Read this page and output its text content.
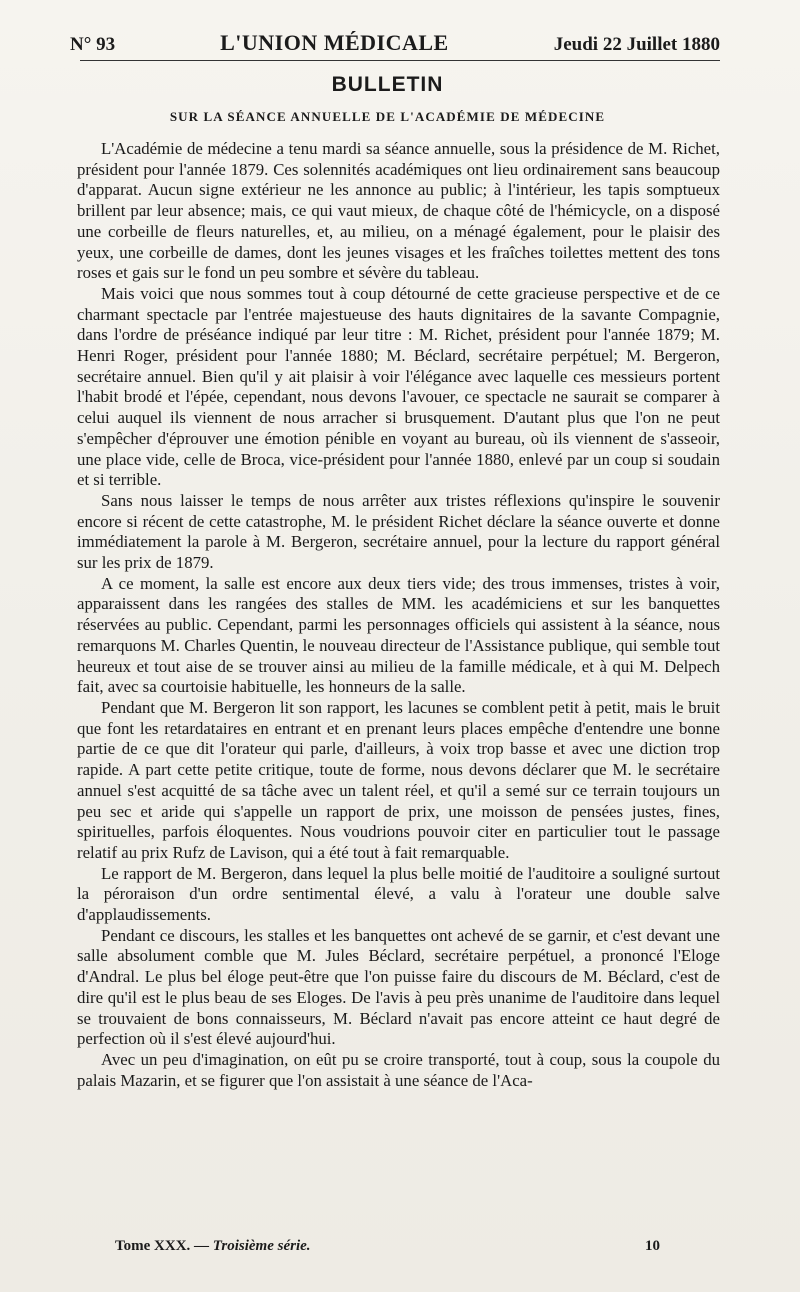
N° 93	L'UNION MÉDICALE	Jeudi 22 Juillet 1880
BULLETIN
SUR LA SÉANCE ANNUELLE DE L'ACADÉMIE DE MÉDECINE

L'Académie de médecine a tenu mardi sa séance annuelle, sous la présidence de M. Richet, président pour l'année 1879. Ces solennités académiques ont lieu ordinairement sans beaucoup d'apparat. Aucun signe extérieur ne les annonce au public; à l'intérieur, les tapis somptueux brillent par leur absence; mais, ce qui vaut mieux, de chaque côté de l'hémicycle, on a disposé une corbeille de fleurs naturelles, et, au milieu, on a ménagé également, pour le plaisir des yeux, une corbeille de dames, dont les jeunes visages et les fraîches toilettes mettent des tons roses et gais sur le fond un peu sombre et sévère du tableau.

Mais voici que nous sommes tout à coup détourné de cette gracieuse perspective et de ce charmant spectacle par l'entrée majestueuse des hauts dignitaires de la savante Compagnie, dans l'ordre de préséance indiqué par leur titre : M. Richet, président pour l'année 1879; M. Henri Roger, président pour l'année 1880; M. Béclard, secrétaire perpétuel; M. Bergeron, secrétaire annuel. Bien qu'il y ait plaisir à voir l'élégance avec laquelle ces messieurs portent l'habit brodé et l'épée, cependant, nous devons l'avouer, ce spectacle ne saurait se comparer à celui auquel ils viennent de nous arracher si brusquement. D'autant plus que l'on ne peut s'empêcher d'éprouver une émotion pénible en voyant au bureau, où ils viennent de s'asseoir, une place vide, celle de Broca, vice-président pour l'année 1880, enlevé par un coup si soudain et si terrible.

Sans nous laisser le temps de nous arrêter aux tristes réflexions qu'inspire le souvenir encore si récent de cette catastrophe, M. le président Richet déclare la séance ouverte et donne immédiatement la parole à M. Bergeron, secrétaire annuel, pour la lecture du rapport général sur les prix de 1879.

A ce moment, la salle est encore aux deux tiers vide; des trous immenses, tristes à voir, apparaissent dans les rangées des stalles de MM. les académiciens et sur les banquettes réservées au public. Cependant, parmi les personnages officiels qui assistent à la séance, nous remarquons M. Charles Quentin, le nouveau directeur de l'Assistance publique, qui semble tout heureux et tout aise de se trouver ainsi au milieu de la famille médicale, et à qui M. Delpech fait, avec sa courtoisie habituelle, les honneurs de la salle.

Pendant que M. Bergeron lit son rapport, les lacunes se comblent petit à petit, mais le bruit que font les retardataires en entrant et en prenant leurs places empêche d'entendre une bonne partie de ce que dit l'orateur qui parle, d'ailleurs, à voix trop basse et avec une diction trop rapide. A part cette petite critique, toute de forme, nous devons déclarer que M. le secrétaire annuel s'est acquitté de sa tâche avec un talent réel, et qu'il a semé sur ce terrain toujours un peu sec et aride qui s'appelle un rapport de prix, une moisson de pensées justes, fines, spirituelles, parfois éloquentes. Nous voudrions pouvoir citer en particulier tout le passage relatif au prix Rufz de Lavison, qui a été tout à fait remarquable.

Le rapport de M. Bergeron, dans lequel la plus belle moitié de l'auditoire a souligné surtout la péroraison d'un ordre sentimental élevé, a valu à l'orateur une double salve d'applaudissements.

Pendant ce discours, les stalles et les banquettes ont achevé de se garnir, et c'est devant une salle absolument comble que M. Jules Béclard, secrétaire perpétuel, a prononcé l'Eloge d'Andral. Le plus bel éloge peut-être que l'on puisse faire du discours de M. Béclard, c'est de dire qu'il est le plus beau de ses Eloges. De l'avis à peu près unanime de l'auditoire dans lequel se trouvaient de bons connaisseurs, M. Béclard n'avait pas encore atteint ce haut degré de perfection où il s'est élevé aujourd'hui.

Avec un peu d'imagination, on eût pu se croire transporté, tout à coup, sous la coupole du palais Mazarin, et se figurer que l'on assistait à une séance de l'Aca-

Tome XXX. — Troisième série.	10
